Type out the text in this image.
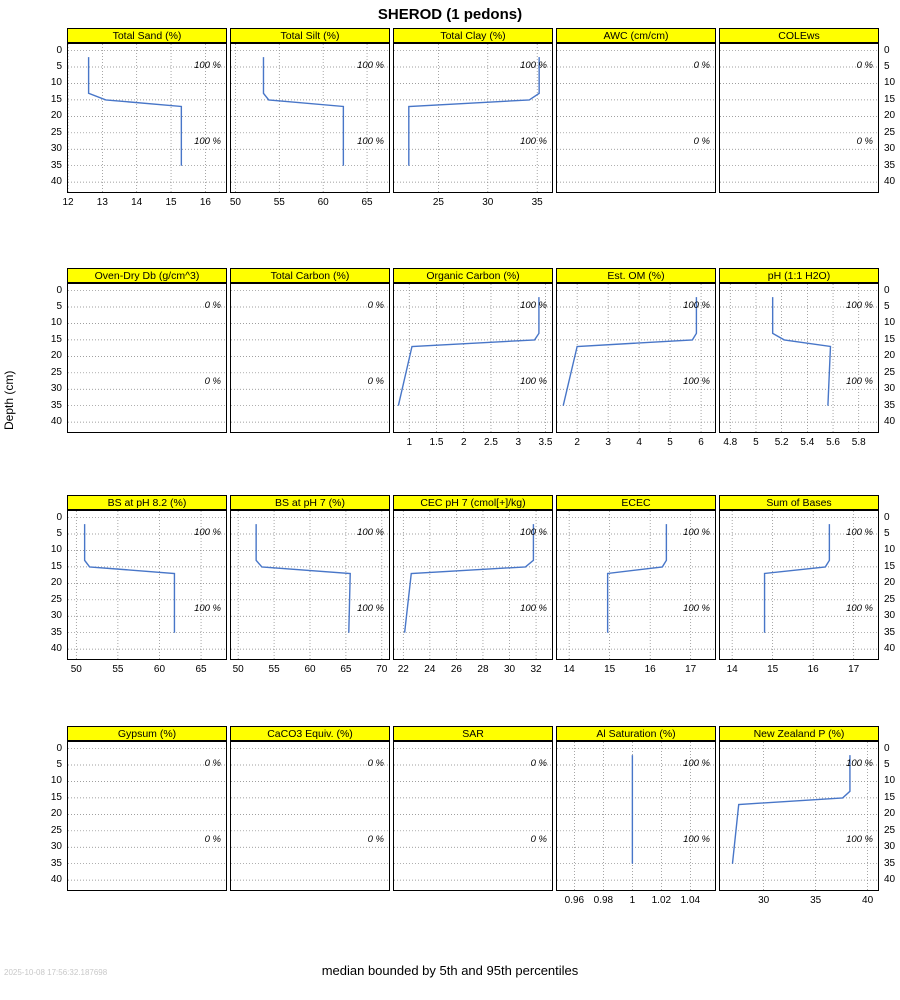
SHEROD (1 pedons)
Depth (cm)
median bounded by 5th and 95th percentiles
2025-10-08 17:56:32.187698
Total Sand (%)
100 %
100 %
12	13	14	15	16
0
5
10
15
20
25
30
35
40
Total Silt (%)
100 %
100 %
50	55	60	65
Total Clay (%)
100 %
100 %
25	30	35
AWC (cm/cm)
0 %
0 %
COLEws
0 %
0 %
0
5
10
15
20
25
30
35
40
Oven-Dry Db (g/cm^3)
0 %
0 %
0
5
10
15
20
25
30
35
40
Total Carbon (%)
0 %
0 %
Organic Carbon (%)
100 %
100 %
1	1.5	2	2.5	3	3.5
Est. OM (%)
100 %
100 %
2	3	4	5	6
pH (1:1 H2O)
100 %
100 %
4.8	5	5.2	5.4	5.6	5.8
0
5
10
15
20
25
30
35
40
BS at pH 8.2 (%)
100 %
100 %
50	55	60	65
0
5
10
15
20
25
30
35
40
BS at pH 7 (%)
100 %
100 %
50	55	60	65	70
CEC pH 7 (cmol[+]/kg)
100 %
100 %
22	24	26	28	30	32
ECEC
100 %
100 %
14	15	16	17
Sum of Bases
100 %
100 %
14	15	16	17
0
5
10
15
20
25
30
35
40
Gypsum (%)
0 %
0 %
0
5
10
15
20
25
30
35
40
CaCO3 Equiv. (%)
0 %
0 %
SAR
0 %
0 %
Al Saturation (%)
100 %
100 %
0.96 0.98	1	1.02 1.04
New Zealand P (%)
100 %
100 %
30	35	40
0
5
10
15
20
25
30
35
40
